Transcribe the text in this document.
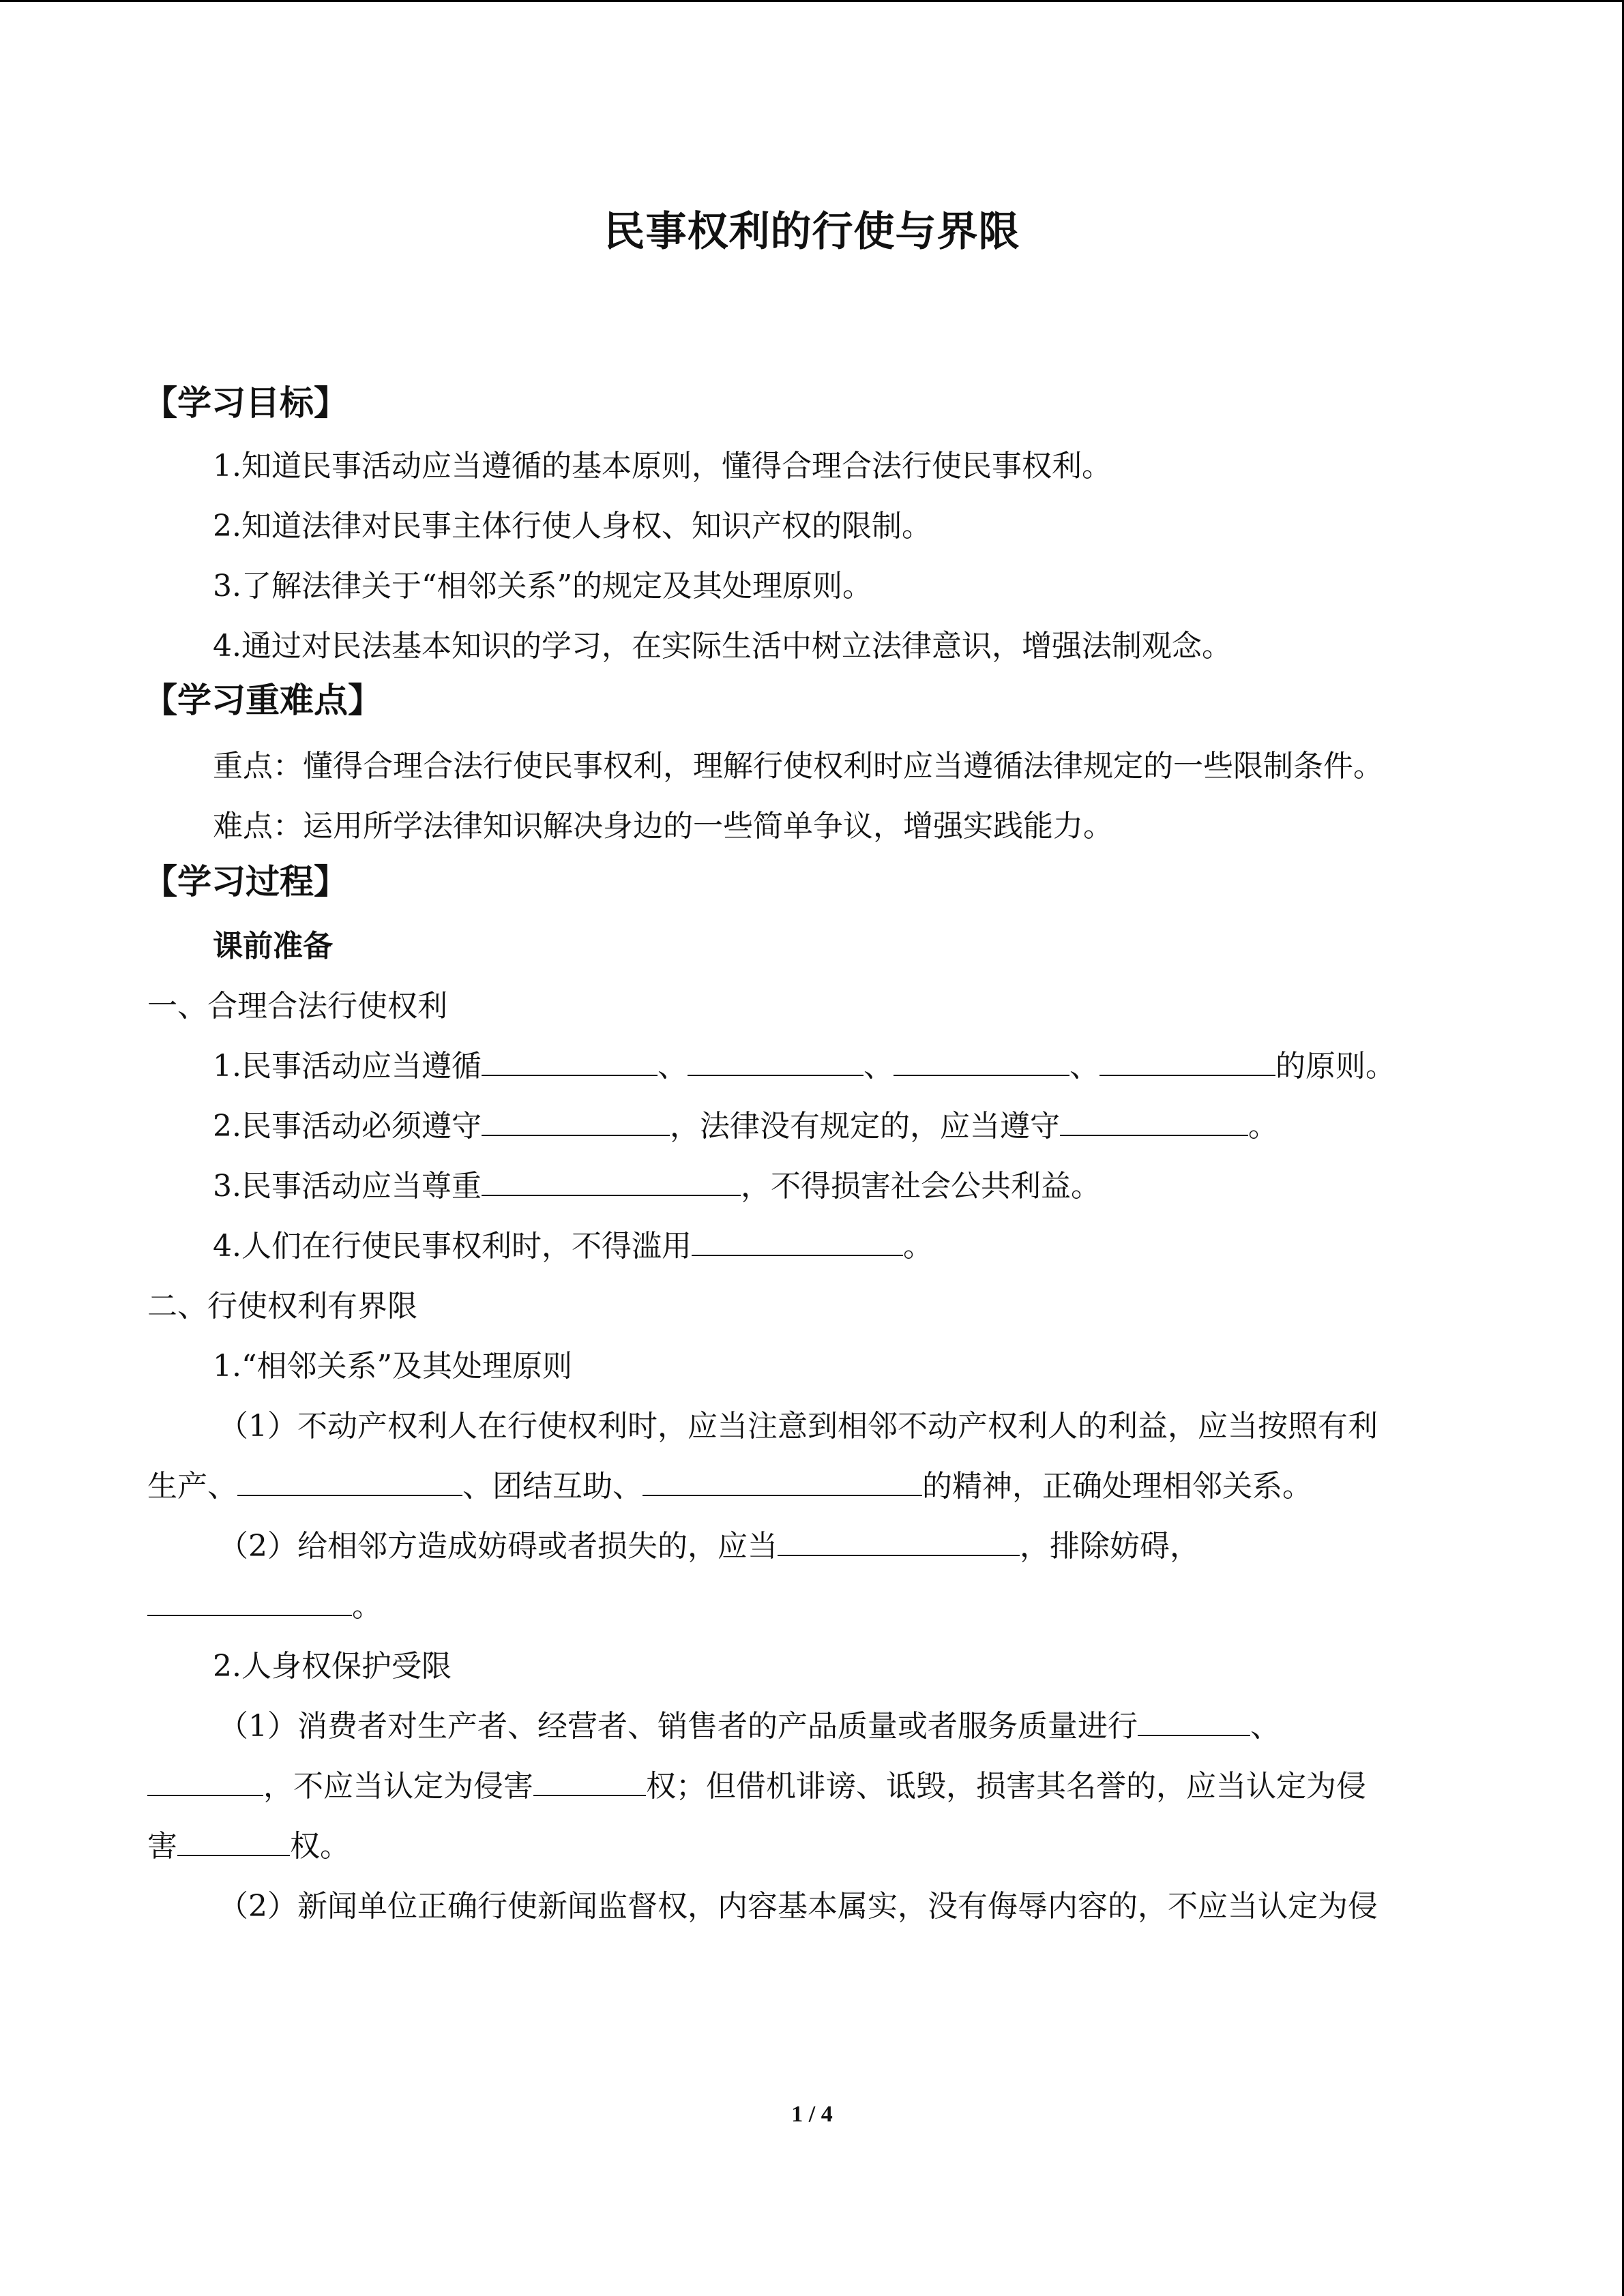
民事权利的行使与界限
【学习目标】
1.知道民事活动应当遵循的基本原则，懂得合理合法行使民事权利。
2.知道法律对民事主体行使人身权、知识产权的限制。
3.了解法律关于“相邻关系”的规定及其处理原则。
4.通过对民法基本知识的学习，在实际生活中树立法律意识，增强法制观念。
【学习重难点】
重点：懂得合理合法行使民事权利，理解行使权利时应当遵循法律规定的一些限制条件。
难点：运用所学法律知识解决身边的一些简单争议，增强实践能力。
【学习过程】
课前准备
一、合理合法行使权利
1.民事活动应当遵循	、	、	、	的原则。
2.民事活动必须遵守	，法律没有规定的，应当遵守	。
3.民事活动应当尊重	，不得损害社会公共利益。
4.人们在行使民事权利时，不得滥用	。
二、行使权利有界限
1.“相邻关系”及其处理原则
（1）不动产权利人在行使权利时，应当注意到相邻不动产权利人的利益，应当按照有利
生产、	、团结互助、	的精神，正确处理相邻关系。
（2）给相邻方造成妨碍或者损失的，应当	，排除妨碍，
。
2.人身权保护受限
（1）消费者对生产者、经营者、销售者的产品质量或者服务质量进行	、
，不应当认定为侵害	权；但借机诽谤、诋毁，损害其名誉的，应当认定为侵
害	权。
（2）新闻单位正确行使新闻监督权，内容基本属实，没有侮辱内容的，不应当认定为侵
1 / 4
